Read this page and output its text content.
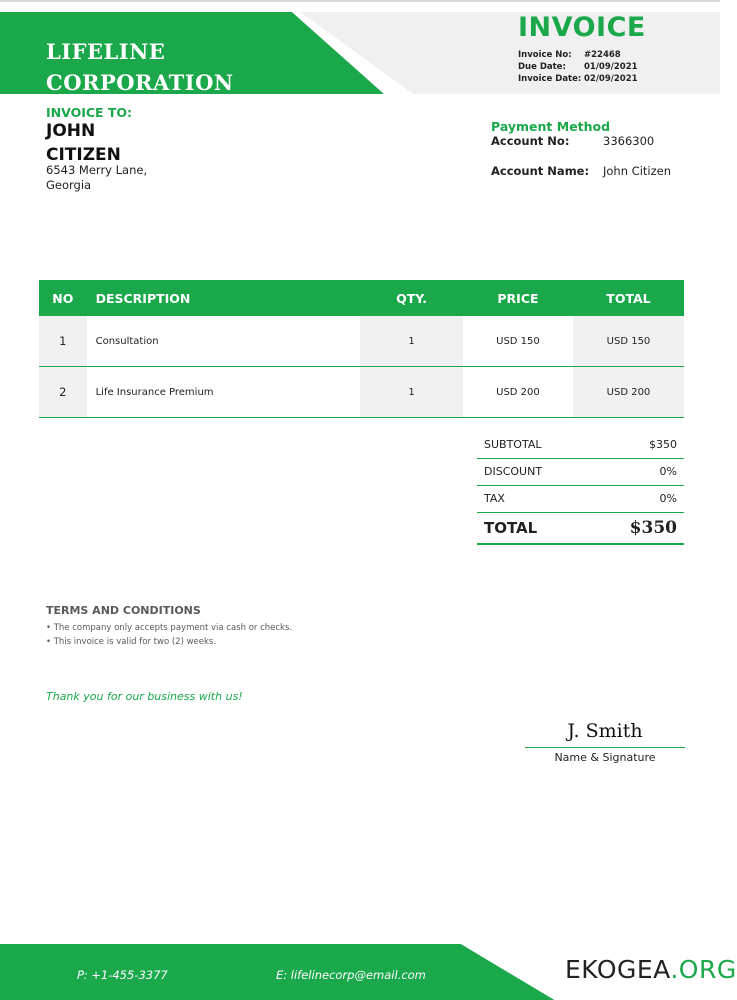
LIFELINE
CORPORATION

INVOICE
Invoice No: #22468
Due Date: 01/09/2021
Invoice Date: 02/09/2021
INVOICE TO:
JOHN CITIZEN
6543 Merry Lane, Georgia
Payment Method
Account No:	3366300
Account Name: John Citizen
NO	DESCRIPTION	QTY.	PRICE	TOTAL
1	Consultation	1	USD 150	USD 150
2	Life Insurance Premium	1	USD 200	USD 200
SUBTOTAL	$350
DISCOUNT	0%
TAX	0%
TOTAL	$350
TERMS AND CONDITIONS
• The company only accepts payment via cash or checks.
• This invoice is valid for two (2) weeks.
Thank you for our business with us!
J. Smith
Name & Signature
P: +1-455-3377	E: lifelinecorp@email.com	EKOGEA.ORG
